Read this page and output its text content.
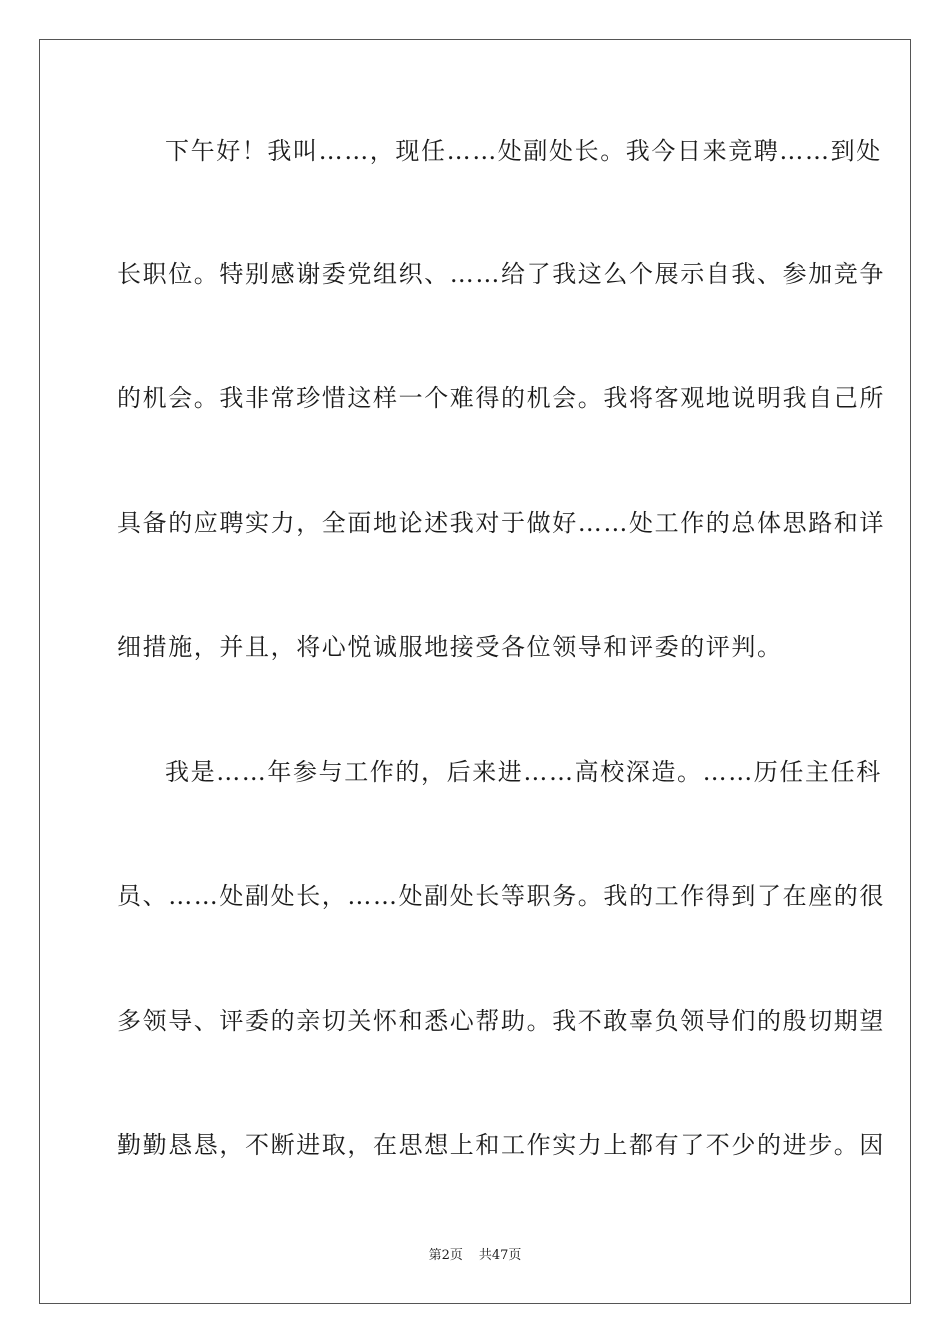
下午好！我叫……，现任……处副处长。我今日来竞聘……到处
长职位。特别感谢委党组织、……给了我这么个展示自我、参加竞争
的机会。我非常珍惜这样一个难得的机会。我将客观地说明我自己所
具备的应聘实力，全面地论述我对于做好……处工作的总体思路和详
细措施，并且，将心悦诚服地接受各位领导和评委的评判。
我是……年参与工作的，后来进……高校深造。……历任主任科
员、……处副处长，……处副处长等职务。我的工作得到了在座的很
多领导、评委的亲切关怀和悉心帮助。我不敢辜负领导们的殷切期望
勤勤恳恳，不断进取，在思想上和工作实力上都有了不少的进步。因
第2页 共47页
